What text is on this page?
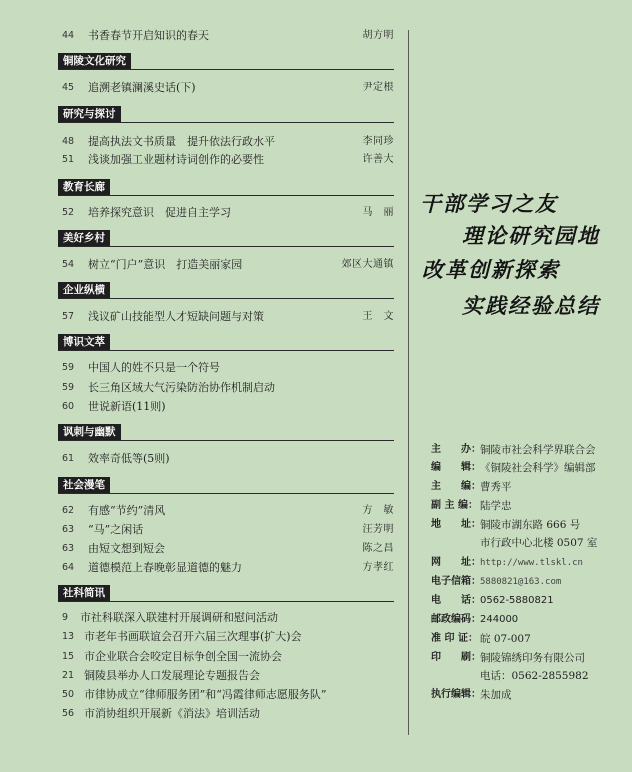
44 书香春节开启知识的春天	胡方明
铜陵文化研究
45 追溯老镇澜溪史话(下)	尹定根
研究与探讨
48 提高执法文书质量　提升依法行政水平	李同珍
51 浅谈加强工业题材诗词创作的必要性	许善大
教育长廊
52 培养探究意识　促进自主学习	马　丽
美好乡村
54 树立“门户”意识　打造美丽家园	郊区大通镇
企业纵横
57 浅议矿山技能型人才短缺问题与对策	王　文
博识文萃
59 中国人的姓不只是一个符号
59 长三角区域大气污染防治协作机制启动
60 世说新语(11则)
讽刺与幽默
61 效率奇低等(5则)
社会漫笔
62 有感“节约”清风	方　敏
63 “马”之闲话	汪芳明
63 由短文想到短会	陈之昌
64 道德模范上春晚彰显道德的魅力	方孝红
社科简讯
9 市社科联深入联建村开展调研和慰问活动
13 市老年书画联谊会召开六届三次理事(扩大)会
15 市企业联合会咬定目标争创全国一流协会
21 铜陵县举办人口发展理论专题报告会
50 市律协成立“律师服务团”和“冯霞律师志愿服务队”
56 市消协组织开展新《消法》培训活动
干部学习之友
理论研究园地
改革创新探索
实践经验总结
主　　办： 铜陵市社会科学界联合会
编　　辑： 《铜陵社会科学》编辑部
主　　编： 曹秀平
副 主 编： 陆学忠
地　　址： 铜陵市湖东路 666 号
市行政中心北楼 0507 室
网　　址： http://www.tlskl.cn
电子信箱： 5880821@163.com
电　　话： 0562-5880821
邮政编码： 244000
准 印 证： 皖 07-007
印　　刷： 铜陵锦绣印务有限公司
电话：0562-2855982
执行编辑： 朱加成
